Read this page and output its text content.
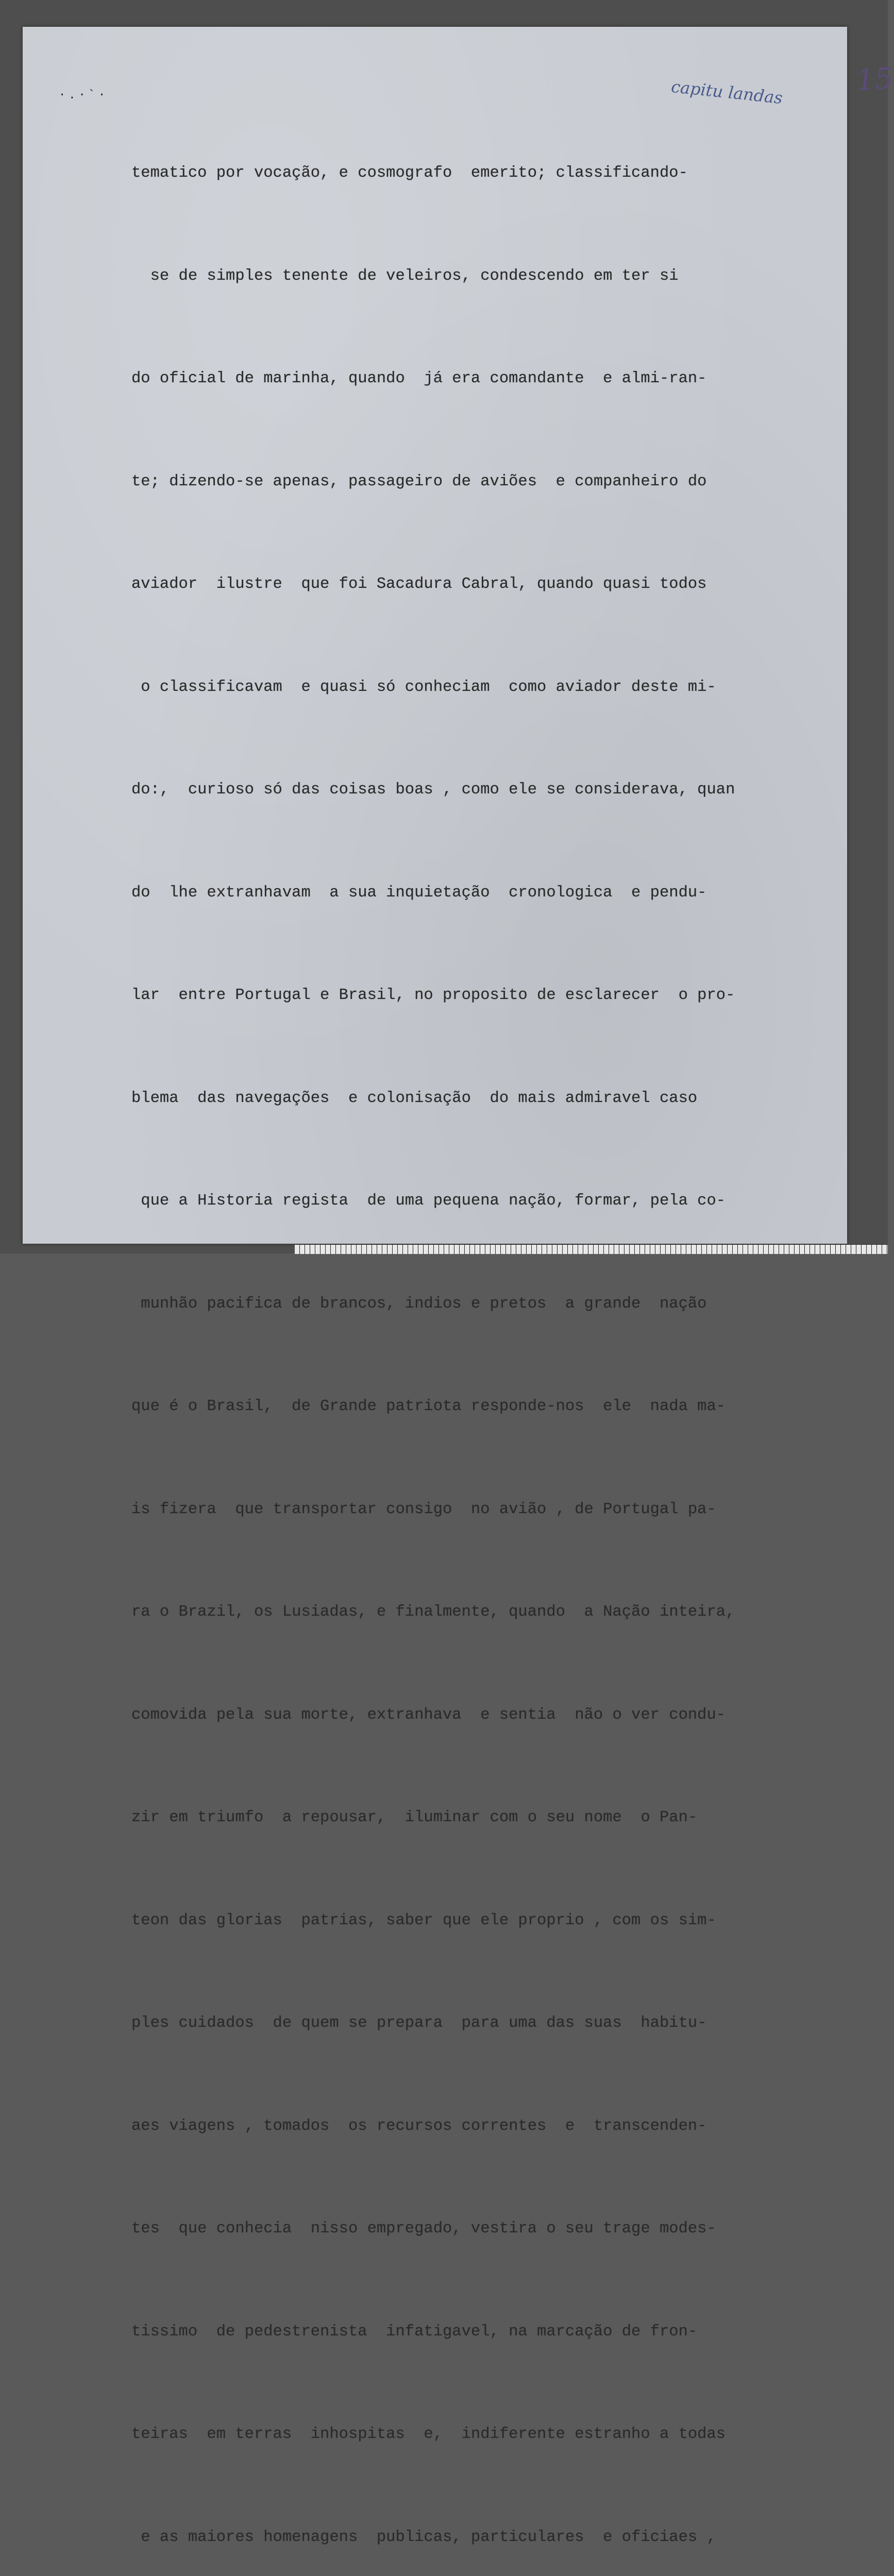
·.·`·	capitu landas 15

tematico por vocação, e cosmografo  emerito; classificando-

se de simples tenente de veleiros, condescendo em ter si

do oficial de marinha, quando  já era comandante  e almi-ran-

te; dizendo-se apenas, passageiro de aviões  e companheiro do

aviador  ilustre  que foi Sacadura Cabral, quando quasi todos

o classificavam  e quasi só conheciam  como aviador deste mi-

do:,  curioso só das coisas boas , como ele se considerava, quan

do  lhe extranhavam  a sua inquietação  cronologica  e pendu-

lar  entre Portugal e Brasil, no proposito de esclarecer  o pro-

blema  das navegações  e colonisação  do mais admiravel caso

que a Historia regista  de uma pequena nação, formar, pela co-

munhão pacifica de brancos, indios e pretos  a grande  nação

que é o Brasil,  de Grande patriota responde-nos  ele  nada ma-

is fizera  que transportar consigo  no avião , de Portugal pa-

ra o Brazil, os Lusiadas, e finalmente, quando  a Nação inteira,

comovida pela sua morte, extranhava  e sentia  não o ver condu-

zir em triumfo  a repousar,  iluminar com o seu nome  o Pan-

teon das glorias  patrias, saber que ele proprio , com os sim-

ples cuidados  de quem se prepara  para uma das suas  habitu-

aes viagens , tomados  os recursos correntes  e  transcenden-

tes  que conhecia  nisso empregado, vestira o seu trage modes-

tissimo  de pedestrenista  infatigavel, na marcação de fron-

teiras  em terras  inhospitas  e,  indiferente estranho a todas

e as maiores homenagens  publicas, particulares  e oficiaes ,
